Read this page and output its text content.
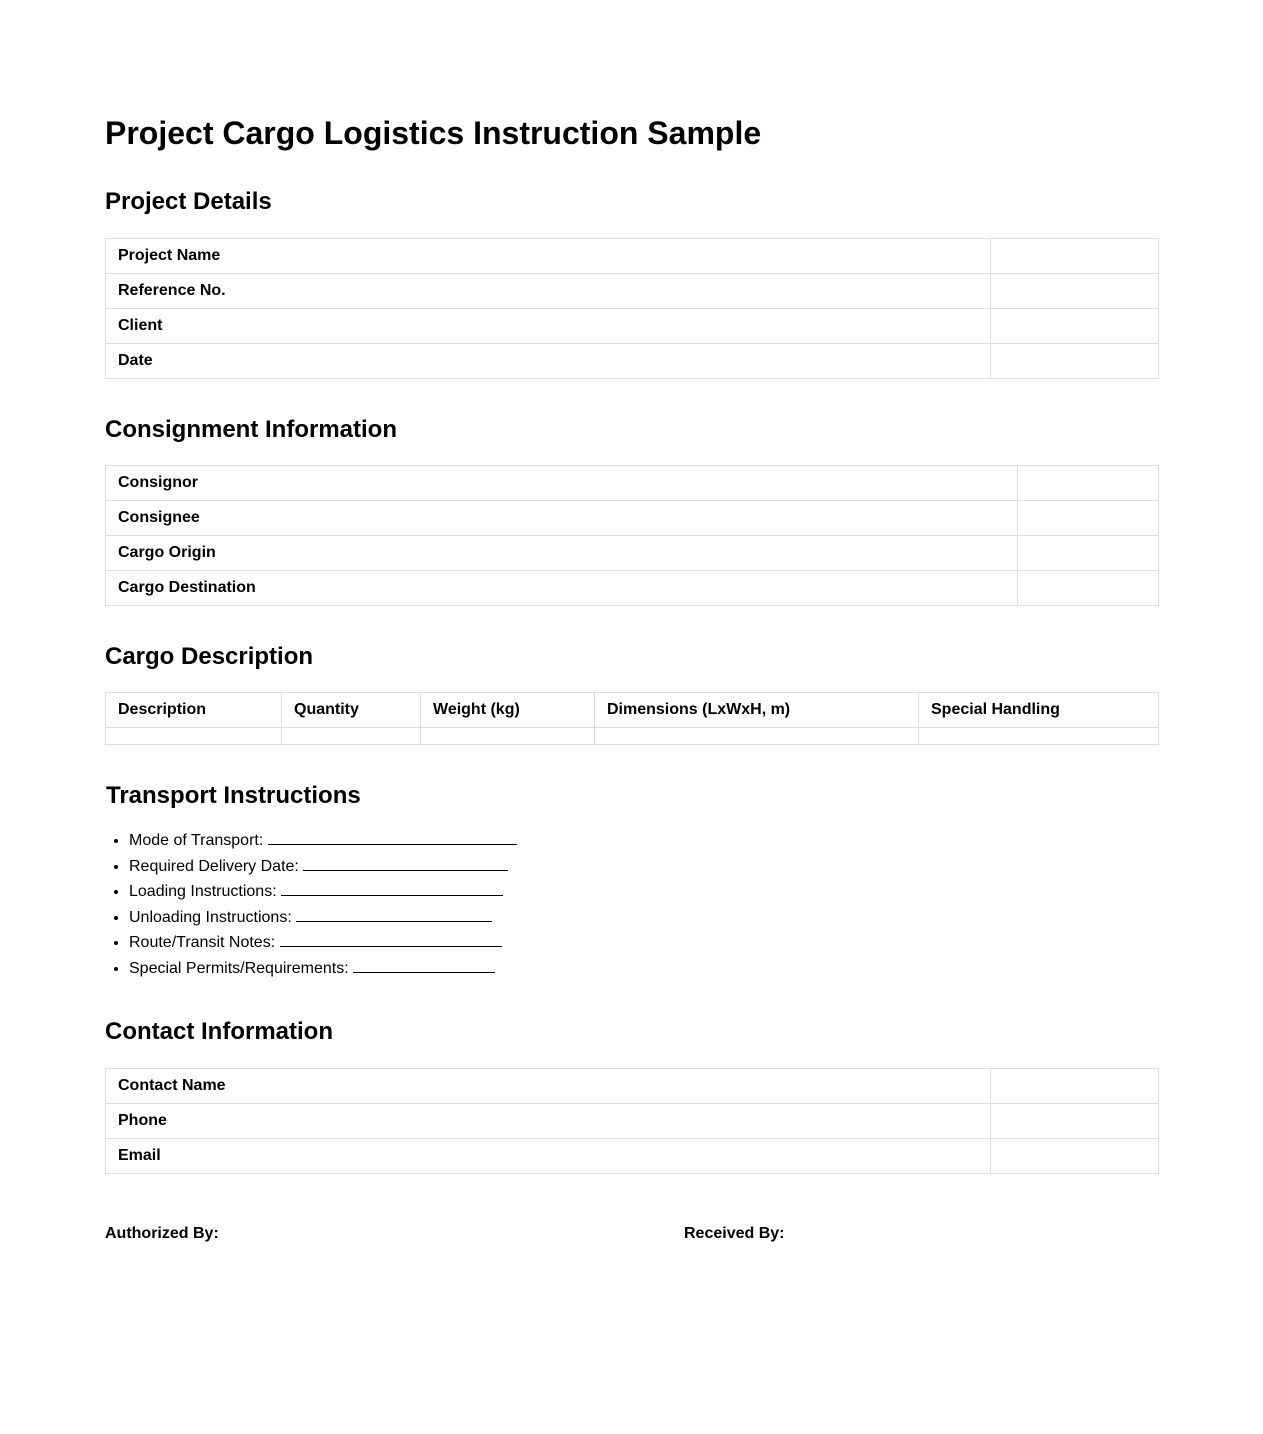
Project Cargo Logistics Instruction Sample
Project Details
Project Name	
Reference No.	
Client	
Date	
Consignment Information
Consignor	
Consignee	
Cargo Origin	
Cargo Destination	
Cargo Description
Description	Quantity	Weight (kg)	Dimensions (LxWxH, m)	Special Handling

Transport Instructions
• Mode of Transport:
• Required Delivery Date:
• Loading Instructions:
• Unloading Instructions:
• Route/Transit Notes:
• Special Permits/Requirements:
Contact Information
Contact Name	
Phone	
Email	
Authorized By:	Received By:
